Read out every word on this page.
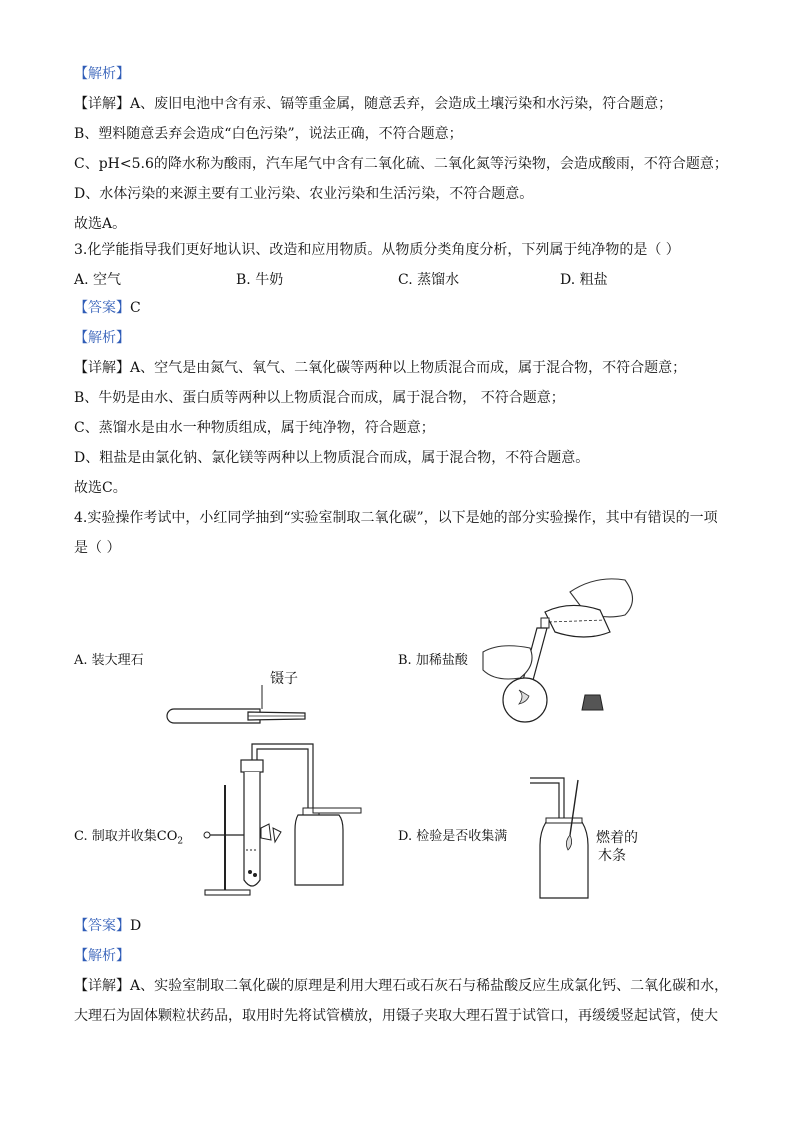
【解析】
【详解】A、废旧电池中含有汞、镉等重金属，随意丢弃，会造成土壤污染和水污染，符合题意；
B、塑料随意丢弃会造成“白色污染”，说法正确，不符合题意；
C、pH<5.6的降水称为酸雨，汽车尾气中含有二氧化硫、二氧化氮等污染物，会造成酸雨，不符合题意；
D、水体污染的来源主要有工业污染、农业污染和生活污染，不符合题意。
故选A。
3.化学能指导我们更好地认识、改造和应用物质。从物质分类角度分析，下列属于纯净物的是（ ）
A. 空气	B. 牛奶	C. 蒸馏水	D. 粗盐
【答案】C
【解析】
【详解】A、空气是由氮气、氧气、二氧化碳等两种以上物质混合而成，属于混合物，不符合题意；
B、牛奶是由水、蛋白质等两种以上物质混合而成，属于混合物， 不符合题意；
C、蒸馏水是由水一种物质组成，属于纯净物，符合题意；
D、粗盐是由氯化钠、氯化镁等两种以上物质混合而成，属于混合物，不符合题意。
故选C。
4.实验操作考试中，小红同学抽到“实验室制取二氧化碳”，以下是她的部分实验操作，其中有错误的一项
是（ ）
A. 装大理石
镊子
B. 加稀盐酸
C. 制取并收集$CO_2$	D. 检验是否收集满	燃着的
木条
【答案】D
【解析】
【详解】A、实验室制取二氧化碳的原理是利用大理石或石灰石与稀盐酸反应生成氯化钙、二氧化碳和水，
大理石为固体颗粒状药品，取用时先将试管横放，用镊子夹取大理石置于试管口，再缓缓竖起试管，使大
